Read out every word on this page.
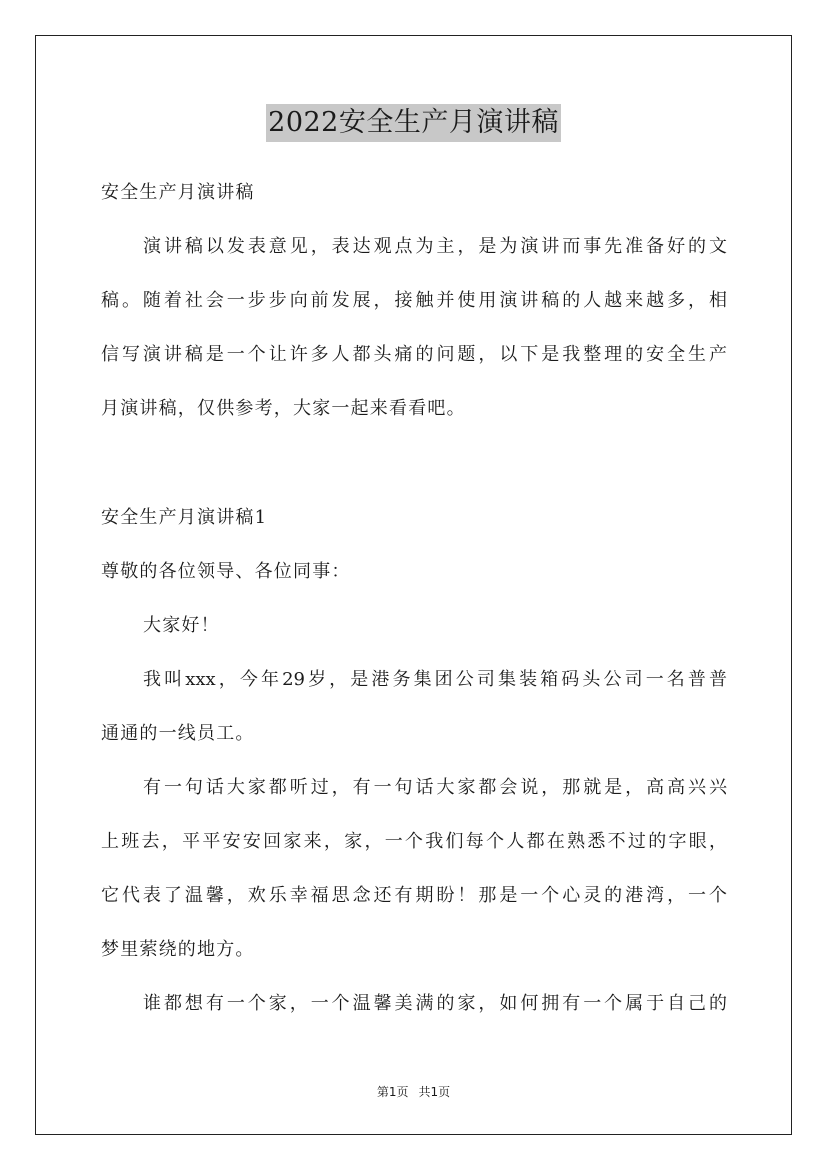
2022安全生产月演讲稿
安全生产月演讲稿
演讲稿以发表意见，表达观点为主，是为演讲而事先准备好的文
稿。随着社会一步步向前发展，接触并使用演讲稿的人越来越多，相
信写演讲稿是一个让许多人都头痛的问题，以下是我整理的安全生产
月演讲稿，仅供参考，大家一起来看看吧。
安全生产月演讲稿1
尊敬的各位领导、各位同事：
大家好！
我叫xxx，今年29岁，是港务集团公司集装箱码头公司一名普普
通通的一线员工。
有一句话大家都听过，有一句话大家都会说，那就是，高高兴兴
上班去，平平安安回家来，家，一个我们每个人都在熟悉不过的字眼，
它代表了温馨，欢乐幸福思念还有期盼！那是一个心灵的港湾，一个
梦里萦绕的地方。
谁都想有一个家，一个温馨美满的家，如何拥有一个属于自己的
第1页 共1页
